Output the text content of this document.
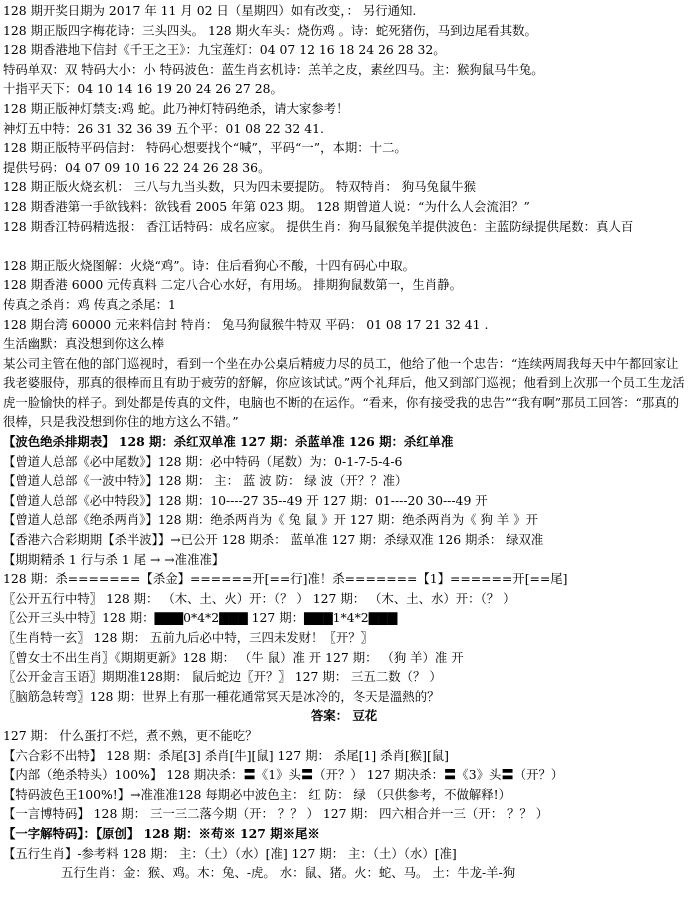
128 期开奖日期为 2017 年 11 月 02 日（星期四）如有改变，： 另行通知.
128 期正版四字梅花诗：三头四头。 128 期火车头：烧伤鸡 。诗：蛇死猪伤，马到边尾看其数。
128 期香港地下信封《千王之王》：九宝莲灯：04 07 12 16 18 24 26 28 32。
特码单双：双 特码大小：小 特码波色：蓝生肖玄机诗：羔羊之皮，素丝四马。主：猴狗鼠马牛兔。
十指平天下：04 10 14 16 19 20 24 26 27 28。
128 期正版神灯禁支:鸡 蛇。此乃神灯特码绝杀，请大家参考！
神灯五中特：26 31 32 36 39 五个平：01 08 22 32 41.
128 期正版特平码信封： 特码心想要找个“喊”，平码“一”，本期：十二。
提供号码：04 07 09 10 16 22 24 26 28 36。
128 期正版火烧玄机： 三八与九当头数，只为四未要提防。 特双特肖： 狗马兔鼠牛猴
128 期香港第一手欲钱料：欲钱看 2005 年第 023 期。 128 期曾道人说：“为什么人会流泪？”
128 期香江特码精选报： 香江话特码：成名应家。 提供生肖：狗马鼠猴兔羊提供波色：主蓝防绿提供尾数：真人百
128 期正版火烧图解：火烧“鸡”。诗：住后看狗心不酸，十四有码心中取。
128 期香港 6000 元传真料 二定八合心水好，有用场。 排期狗鼠数第一，生肖静。
传真之杀肖：鸡 传真之杀尾：1
128 期台湾 60000 元来料信封 特肖： 兔马狗鼠猴牛特双 平码： 01 08 17 21 32 41 .
生活幽默：真没想到你这么棒
某公司主管在他的部门巡视时，看到一个坐在办公桌后精疲力尽的员工，他给了他一个忠告：“连续两周我每天中午都回家让我老婆服侍，那真的很棒而且有助于疲劳的舒解，你应该试试。”两个礼拜后，他又到部门巡视；他看到上次那一个员工生龙活虎一脸愉快的样子。到处都是传真的文件，电脑也不断的在运作。“看来，你有接受我的忠告”“我有啊”那员工回答：“那真的很棒，只是我没想到你住的地方这么不错。”
【波色绝杀排期表】 128 期：杀红双单准 127 期：杀蓝单准 126 期：杀红单准
【曾道人总部《必中尾数》】128 期：必中特码（尾数）为：0-1-7-5-4-6
【曾道人总部《一波中特》】128 期： 主： 蓝 波 防： 绿 波（开？？准）
【曾道人总部《必中特段》】128 期：10----27 35--49 开 127 期：01----20 30---49 开
【曾道人总部《绝杀两肖》】128 期：绝杀两肖为《 兔 鼠 》开 127 期：绝杀两肖为《 狗 羊 》开
【香港六合彩期期【杀半波】】→已公开 128 期杀： 蓝单准 127 期：杀绿双准 126 期杀： 绿双准
【期期精杀 1 行与杀 1 尾 → →准准准】
128 期：杀=======【杀金】======开[==行]准！杀=======【1】======开[==尾]
〖公开五行中特〗 128 期： （木、土、火）开：（？ ） 127 期： （木、土、水）开：（？ ）
〖公开三头中特〗128 期：▇▇▇0*4*2▇▇▇ 127 期：▇▇▇1*4*2▇▇▇
〖生肖特一玄〗 128 期： 五前九后必中特，三四未发财！〖开？〗
〖曾女士不出生肖〗《期期更新》128 期： （牛 鼠）准 开 127 期： （狗 羊）准 开
〖公开金言玉语〗期期准128期： 鼠后蛇边〖开？〗 127 期： 三五二数（？ ）
〖脑筋急转弯〗128 期：世界上有那一種花通常冥天是冰冷的，冬天是溫熱的？
答案： 豆花
127 期： 什么蛋打不烂，煮不熟，更不能吃？
【六合彩不出特】 128 期：杀尾[3] 杀肖[牛][鼠] 127 期： 杀尾[1] 杀肖[猴][鼠]
【内部（绝杀特头）100%】 128 期决杀：〓《1》头〓（开？） 127 期决杀：〓《3》头〓（开？）
【特码波色王100%!】→准准准128 每期必中波色主： 红 防： 绿 （只供参考，不做解释!）
【一言博特码】 128 期： 三一三二落今期（开： ？？ ） 127 期： 四六相合并一三（开： ？？ ）
【一字解特码】：【原创】 128 期：※苟※ 127 期※尾※
【五行生肖】-参考料 128 期： 主：（土）（水）[准] 127 期： 主：（土）（水）[准]
五行生肖：金：猴、鸡。木：兔、-虎。 水：鼠、猪。火：蛇、马。 土：牛龙-羊-狗
